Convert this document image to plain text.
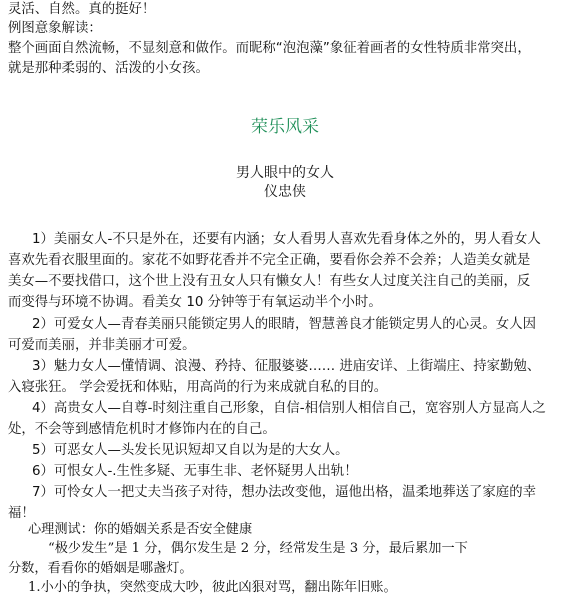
灵活、自然。真的挺好！
例图意象解读：
整个画面自然流畅，不显刻意和做作。而昵称“泡泡藻”象征着画者的女性特质非常突出，
就是那种柔弱的、活泼的小女孩。
荣乐风采
男人眼中的女人
仪忠侠
1）美丽女人-不只是外在，还要有内涵；女人看男人喜欢先看身体之外的，男人看女人
喜欢先看衣服里面的。家花不如野花香并不完全正确，要看你会养不会养；人造美女就是
美女—不要找借口，这个世上没有丑女人只有懒女人！有些女人过度关注自己的美丽，反
而变得与环境不协调。看美女 10 分钟等于有氧运动半个小时。
2）可爱女人—青春美丽只能锁定男人的眼睛，智慧善良才能锁定男人的心灵。女人因
可爱而美丽，并非美丽才可爱。
3）魅力女人—懂情调、浪漫、矜持、征服婆婆…… 进庙安详、上街端庄、持家勤勉、
入寝张狂。 学会爱抚和体贴，用高尚的行为来成就自私的目的。
4）高贵女人—自尊-时刻注重自己形象，自信-相信别人相信自己，宽容别人方显高人之
处，不会等到感情危机时才修饰内在的自己。
5）可恶女人—头发长见识短却又自以为是的大女人。
6）可恨女人-.生性多疑、无事生非、老怀疑男人出轨！
7）可怜女人一把丈夫当孩子对待，想办法改变他，逼他出格，温柔地葬送了家庭的幸
福！
心理测试：你的婚姻关系是否安全健康
“极少发生”是 1 分，偶尔发生是 2 分，经常发生是 3 分，最后累加一下
分数，看看你的婚姻是哪盏灯。
1.小小的争执，突然变成大吵，彼此凶狠对骂，翻出陈年旧账。
